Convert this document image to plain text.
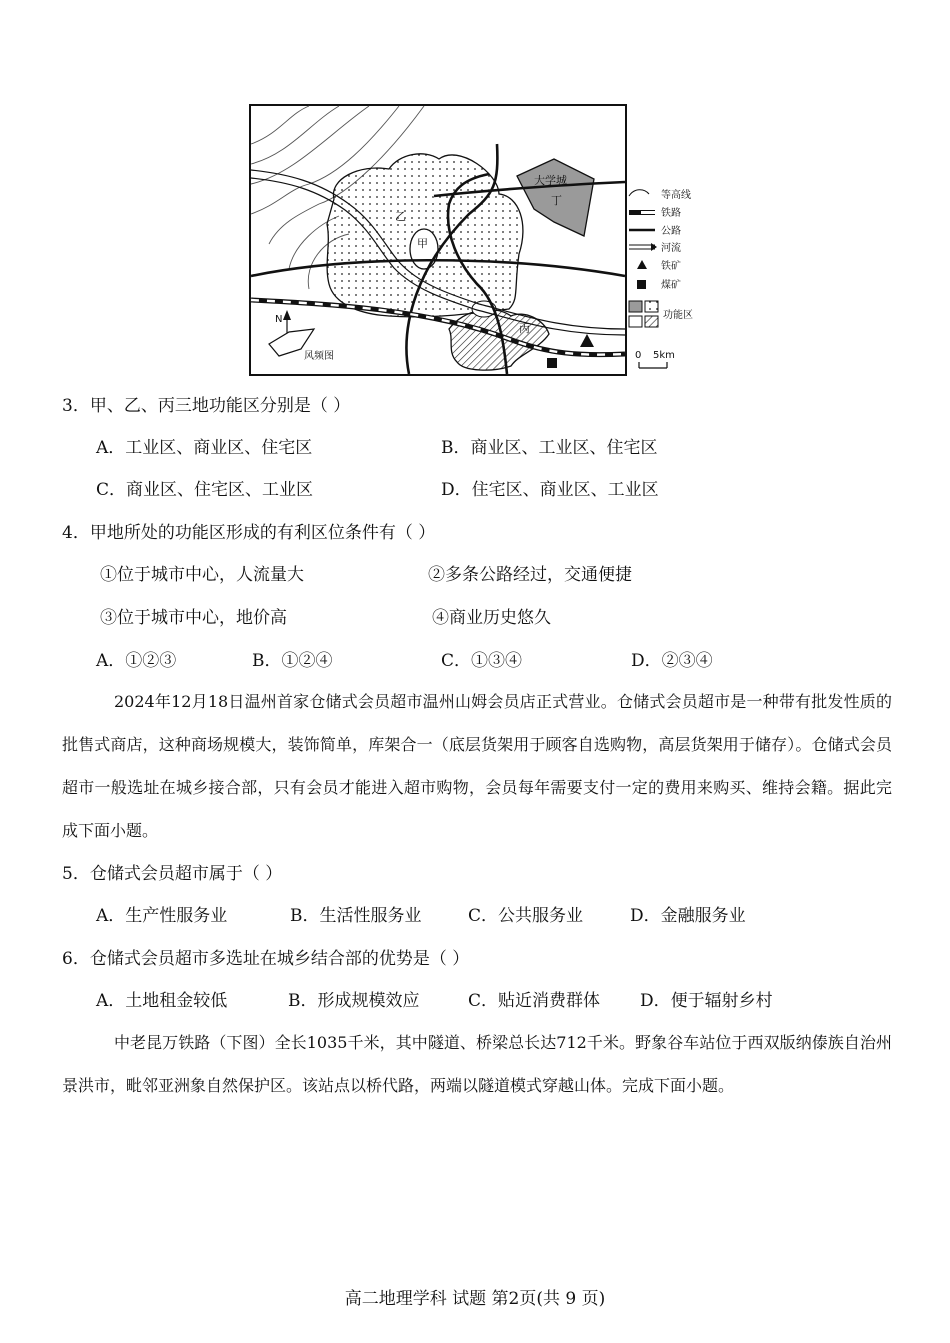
乙
甲
大学城
丁
丙
N
风频图
等高线
铁路
公路
河流
铁矿
煤矿
功能区
0 5km
3．甲、乙、丙三地功能区分别是（ ）
A．工业区、商业区、住宅区	B．商业区、工业区、住宅区
C．商业区、住宅区、工业区	D．住宅区、商业区、工业区
4．甲地所处的功能区形成的有利区位条件有（ ）
①位于城市中心，人流量大	②多条公路经过，交通便捷
③位于城市中心，地价高	④商业历史悠久
A．①②③	B．①②④	C．①③④	D．②③④
2024年12月18日温州首家仓储式会员超市温州山姆会员店正式营业。仓储式会员超市是一种带有批发性质的批售式商店，这种商场规模大，装饰简单，库架合一（底层货架用于顾客自选购物，高层货架用于储存）。仓储式会员超市一般选址在城乡接合部，只有会员才能进入超市购物，会员每年需要支付一定的费用来购买、维持会籍。据此完成下面小题。
5．仓储式会员超市属于（ ）
A．生产性服务业	B．生活性服务业	C．公共服务业	D．金融服务业
6．仓储式会员超市多选址在城乡结合部的优势是（ ）
A．土地租金较低	B．形成规模效应	C．贴近消费群体 D．便于辐射乡村
中老昆万铁路（下图）全长1035千米，其中隧道、桥梁总长达712千米。野象谷车站位于西双版纳傣族自治州景洪市，毗邻亚洲象自然保护区。该站点以桥代路，两端以隧道模式穿越山体。完成下面小题。
高二地理学科 试题 第2页(共 9 页)
